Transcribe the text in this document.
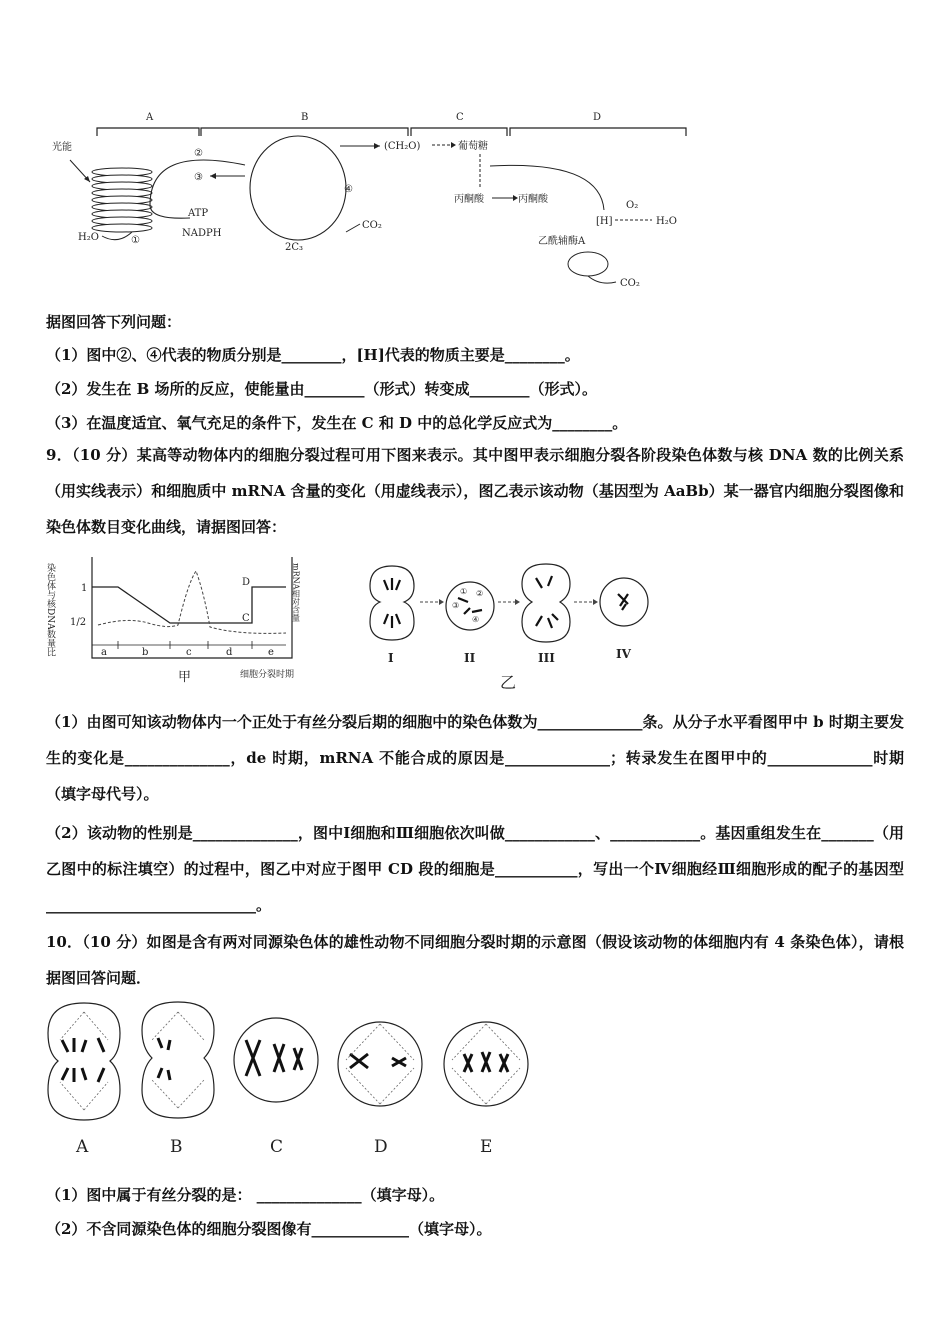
A	B	C	D
光能
H₂O	①
②
③
ATP
NADPH
④
CO₂
2C₃
(CH₂O)	葡萄糖
丙酮酸	丙酮酸
[H]
O₂
H₂O
乙酰辅酶A
CO₂
据图回答下列问题：
（1）图中②、④代表的物质分别是________，[H]代表的物质主要是________。
（2）发生在 B 场所的反应，使能量由________（形式）转变成________（形式）。
（3）在温度适宜、氧气充足的条件下，发生在 C 和 D 中的总化学反应式为________。
9．（10 分）某高等动物体内的细胞分裂过程可用下图来表示。其中图甲表示细胞分裂各阶段染色体数与核 DNA 数的比例关系（用实线表示）和细胞质中 mRNA 含量的变化（用虚线表示），图乙表示该动物（基因型为 AaBb）某一器官内细胞分裂图像和染色体数目变化曲线，请据图回答：
染色体与核DNA数量比	1
1/2
mRNA相对含量
D
C
a	b	c	d	e
甲	细胞分裂时期
① ②
③
④
I	II	III	IV
乙
（1）由图可知该动物体内一个正处于有丝分裂后期的细胞中的染色体数为______________条。从分子水平看图甲中 b 时期主要发生的变化是______________，de 时期，mRNA 不能合成的原因是______________；转录发生在图甲中的______________时期（填字母代号）。
（2）该动物的性别是______________，图中Ⅰ细胞和Ⅲ细胞依次叫做____________、____________。基因重组发生在_______（用乙图中的标注填空）的过程中，图乙中对应于图甲 CD 段的细胞是___________，写出一个Ⅳ细胞经Ⅲ细胞形成的配子的基因型____________________________。
10．（10 分）如图是含有两对同源染色体的雄性动物不同细胞分裂时期的示意图（假设该动物的体细胞内有 4 条染色体），请根据图回答问题．
A	B	C	D	E
（1）图中属于有丝分裂的是： ______________（填字母）。
（2）不含同源染色体的细胞分裂图像有_____________（填字母）。
